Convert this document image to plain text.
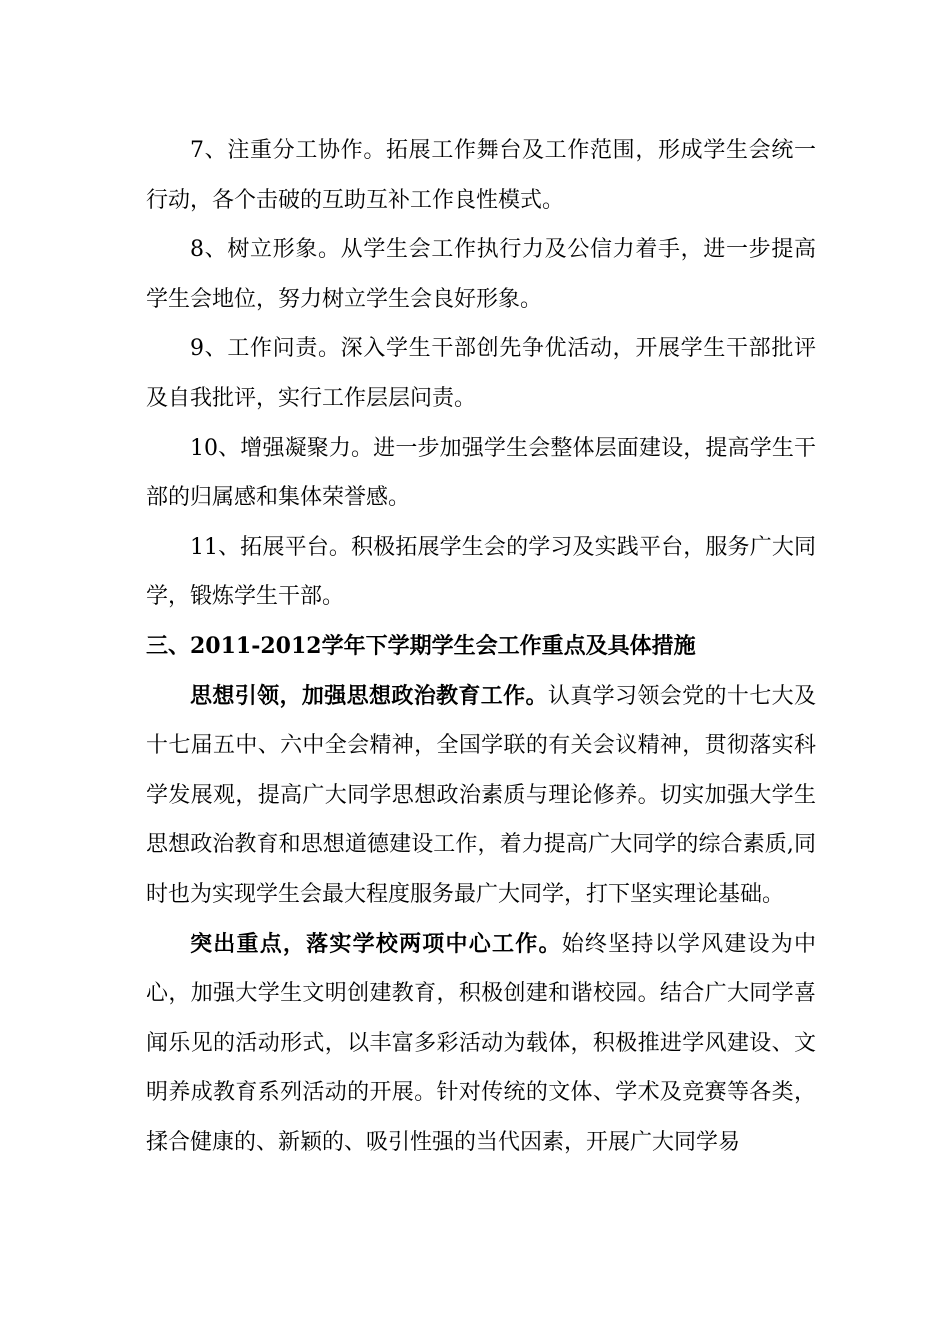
7、注重分工协作。拓展工作舞台及工作范围，形成学生会统一行动，各个击破的互助互补工作良性模式。

8、树立形象。从学生会工作执行力及公信力着手，进一步提高学生会地位，努力树立学生会良好形象。

9、工作问责。深入学生干部创先争优活动，开展学生干部批评及自我批评，实行工作层层问责。

10、增强凝聚力。进一步加强学生会整体层面建设，提高学生干部的归属感和集体荣誉感。

11、拓展平台。积极拓展学生会的学习及实践平台，服务广大同学，锻炼学生干部。

三、2011-2012学年下学期学生会工作重点及具体措施

思想引领，加强思想政治教育工作。认真学习领会党的十七大及十七届五中、六中全会精神，全国学联的有关会议精神，贯彻落实科学发展观，提高广大同学思想政治素质与理论修养。切实加强大学生思想政治教育和思想道德建设工作，着力提高广大同学的综合素质,同时也为实现学生会最大程度服务最广大同学，打下坚实理论基础。

突出重点，落实学校两项中心工作。始终坚持以学风建设为中心，加强大学生文明创建教育，积极创建和谐校园。结合广大同学喜闻乐见的活动形式，以丰富多彩活动为载体，积极推进学风建设、文明养成教育系列活动的开展。针对传统的文体、学术及竞赛等各类，揉合健康的、新颖的、吸引性强的当代因素，开展广大同学易
